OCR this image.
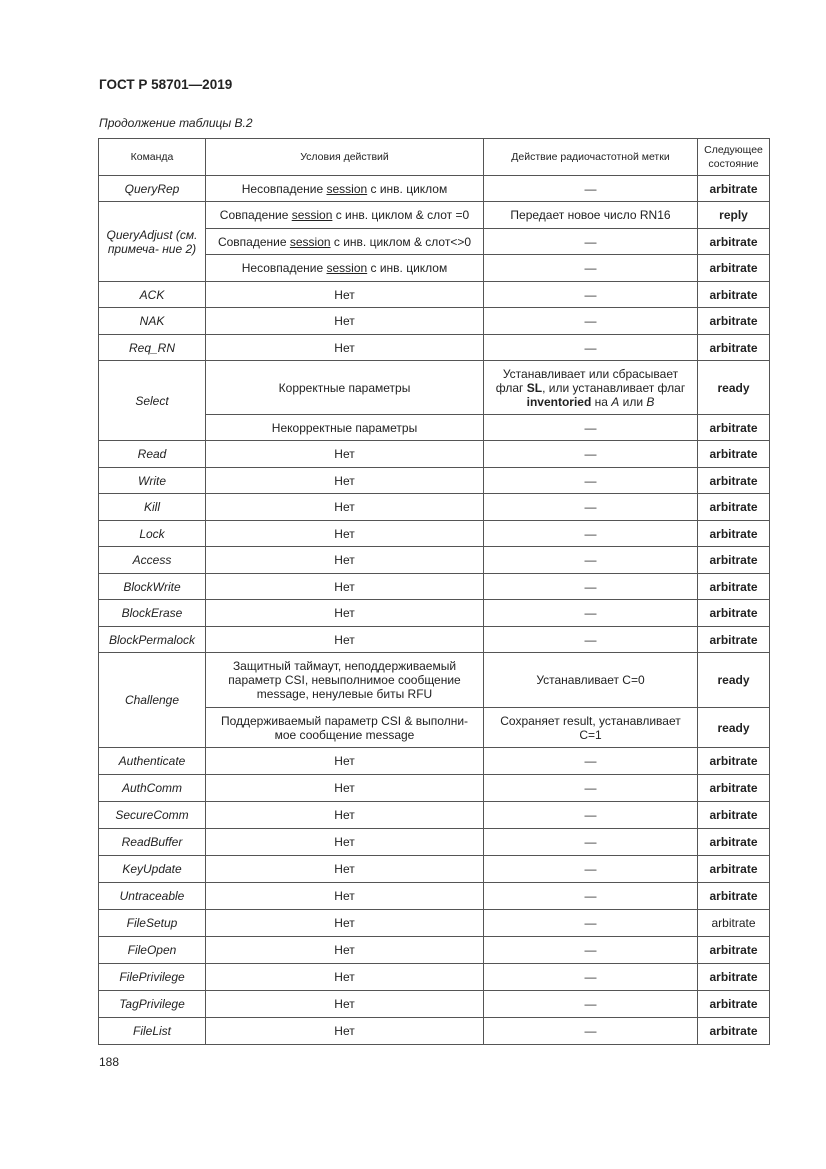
ГОСТ Р 58701—2019
Продолжение таблицы В.2
Команда	Условия действий	Действие радиочастотной метки	Следующее состояние
QueryRep	Несовпадение session с инв. циклом	—	arbitrate
QueryAdjust (см. примеча- ние 2)	Совпадение session с инв. циклом & слот =0	Передает новое число RN16	reply
	Совпадение session с инв. циклом & слот<>0	—	arbitrate
	Несовпадение session с инв. циклом	—	arbitrate
ACK	Нет	—	arbitrate
NAK	Нет	—	arbitrate
Req_RN	Нет	—	arbitrate
Select	Корректные параметры	Устанавливает или сбрасывает флаг SL, или устанавливает флаг inventoried на A или B	ready
	Некорректные параметры	—	arbitrate
Read	Нет	—	arbitrate
Write	Нет	—	arbitrate
Kill	Нет	—	arbitrate
Lock	Нет	—	arbitrate
Access	Нет	—	arbitrate
BlockWrite	Нет	—	arbitrate
BlockErase	Нет	—	arbitrate
BlockPermalock	Нет	—	arbitrate
Challenge	Защитный таймаут, неподдерживаемый параметр CSI, невыполнимое сообщение message, ненулевые биты RFU	Устанавливает C=0	ready
	Поддерживаемый параметр CSI & выполни- мое сообщение message	Сохраняет result, устанавливает C=1	ready
Authenticate	Нет	—	arbitrate
AuthComm	Нет	—	arbitrate
SecureComm	Нет	—	arbitrate
ReadBuffer	Нет	—	arbitrate
KeyUpdate	Нет	—	arbitrate
Untraceable	Нет	—	arbitrate
FileSetup	Нет	—	arbitrate
FileOpen	Нет	—	arbitrate
FilePrivilege	Нет	—	arbitrate
TagPrivilege	Нет	—	arbitrate
FileList	Нет	—	arbitrate
188
